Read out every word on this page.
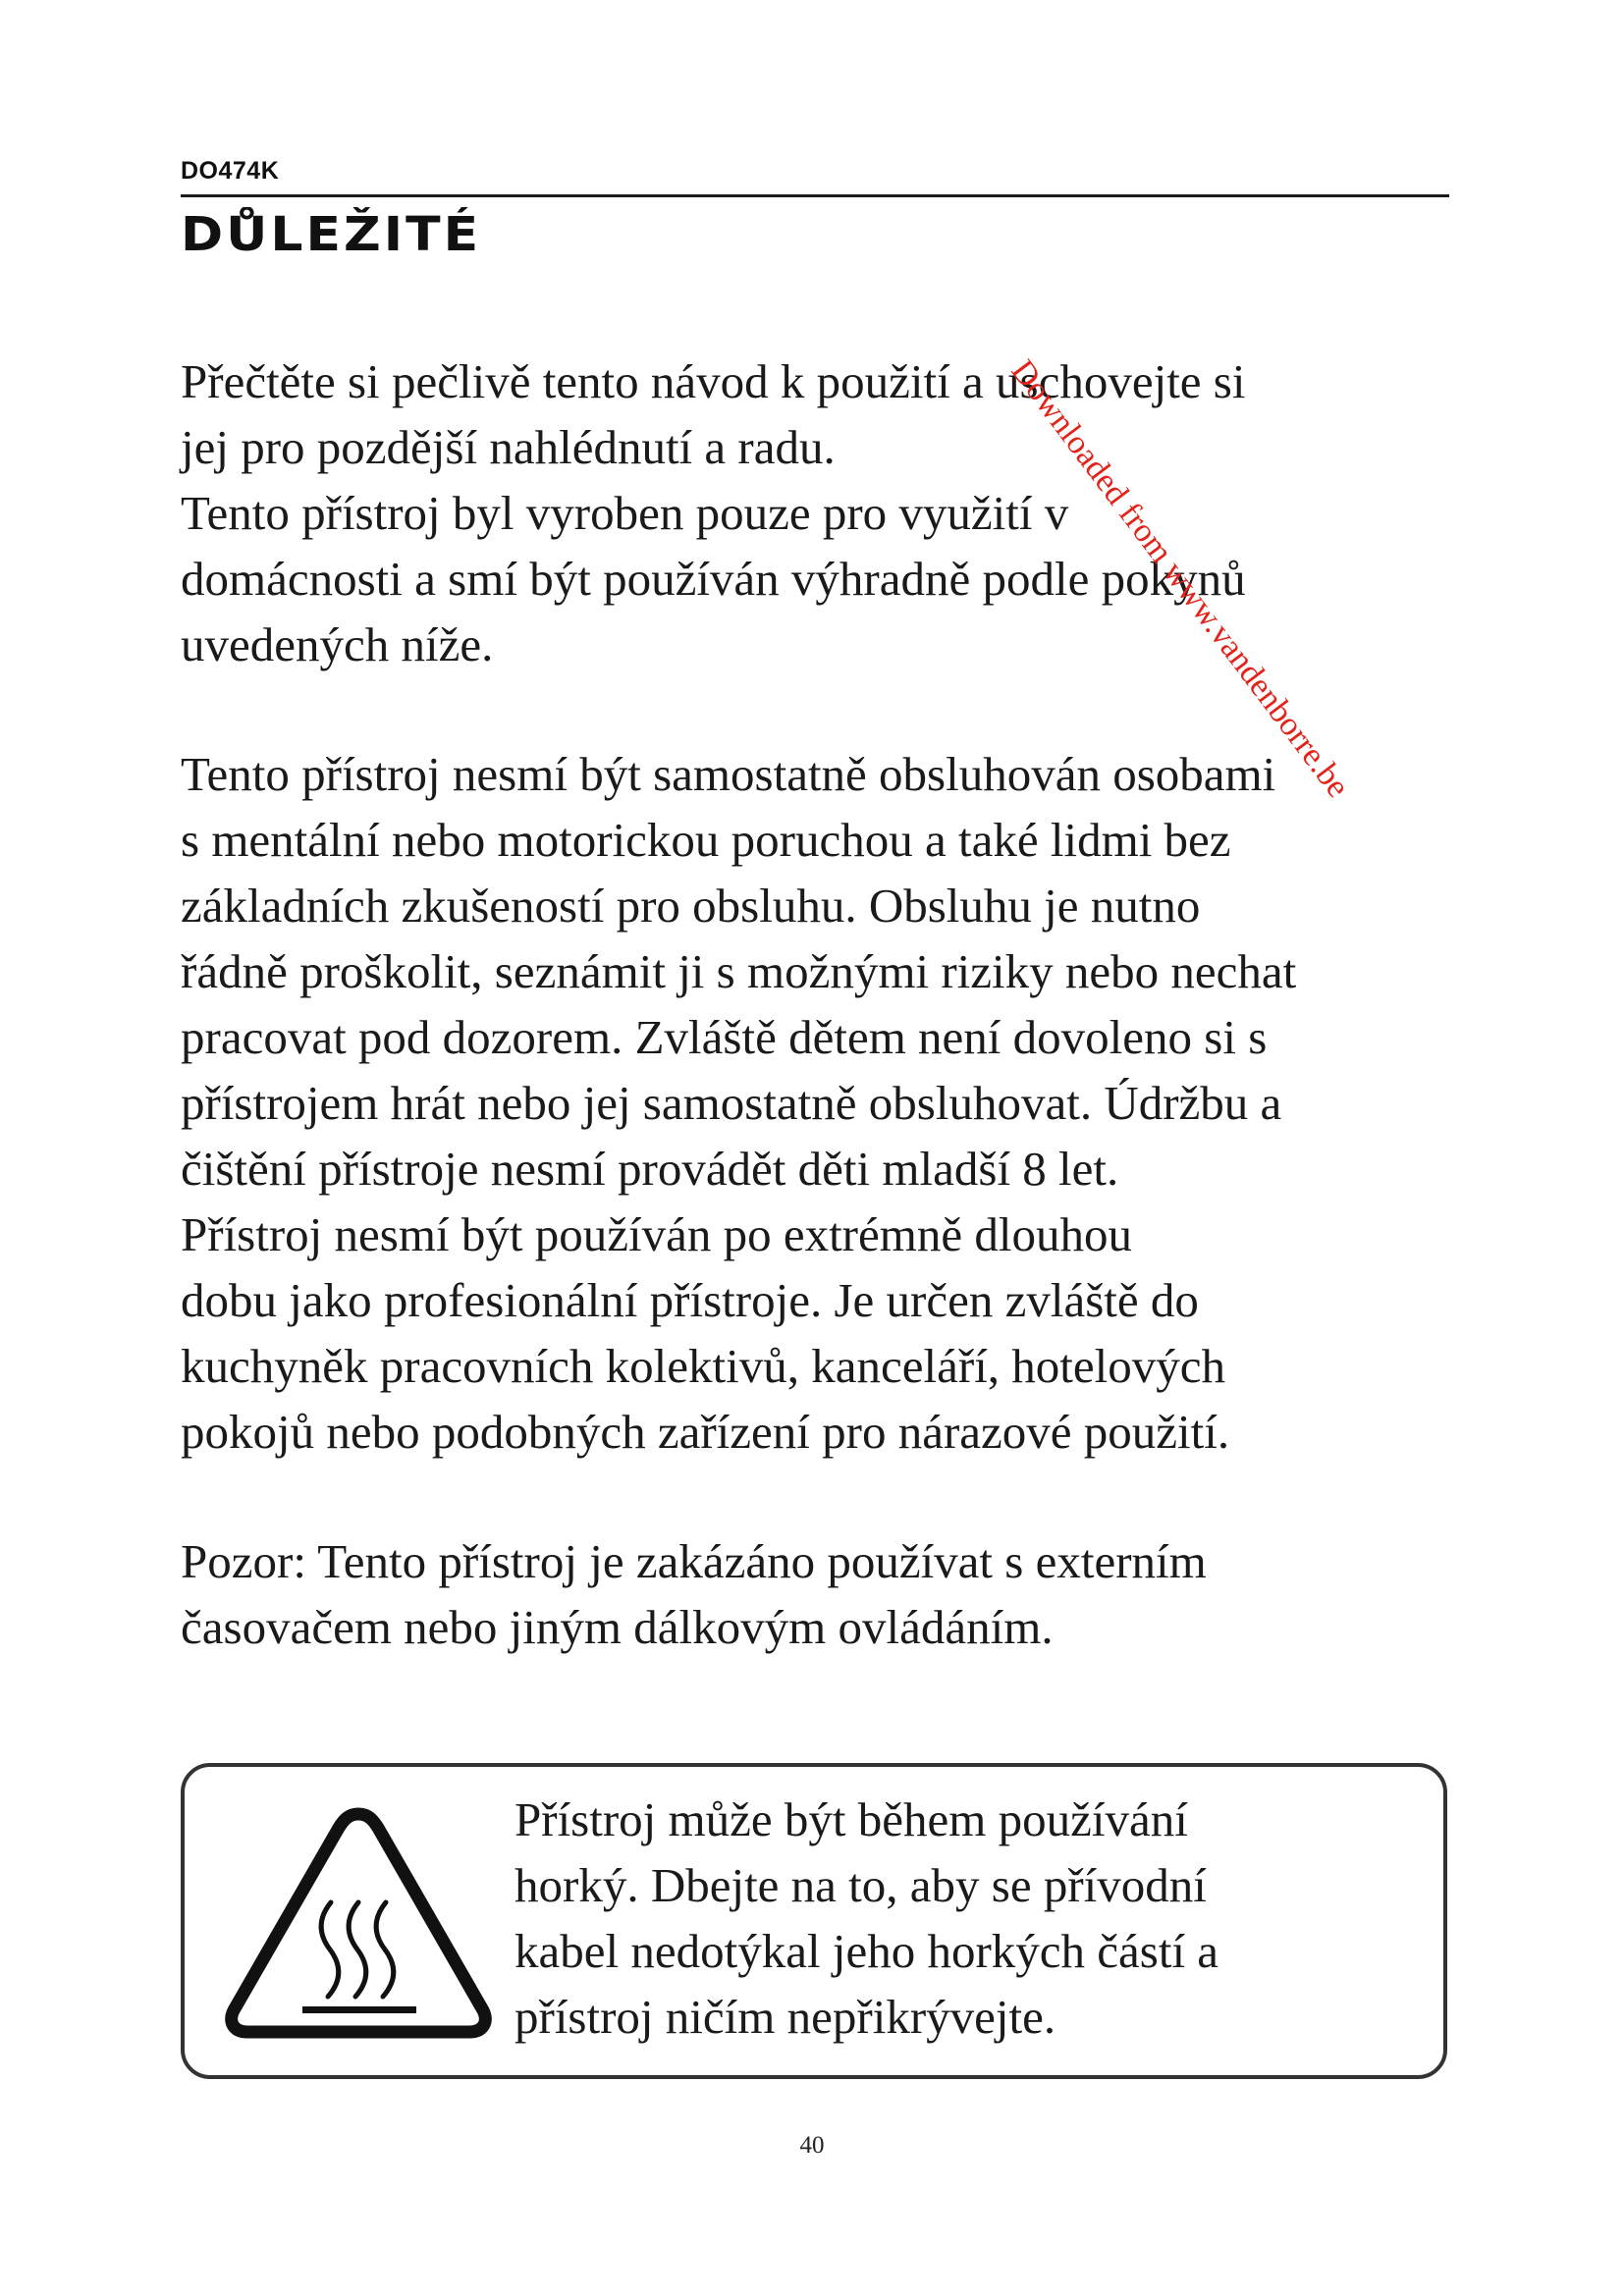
DO474K
DŮLEŽITÉ
Přečtěte si pečlivě tento návod k použití a uschovejte si
jej pro pozdější nahlédnutí a radu.
Tento přístroj byl vyroben pouze pro využití v
domácnosti a smí být používán výhradně podle pokynů
uvedených níže.
Tento přístroj nesmí být samostatně obsluhován osobami
s mentální nebo motorickou poruchou a také lidmi bez
základních zkušeností pro obsluhu. Obsluhu je nutno
řádně proškolit, seznámit ji s možnými riziky nebo nechat
pracovat pod dozorem. Zvláště dětem není dovoleno si s
přístrojem hrát nebo jej samostatně obsluhovat. Údržbu a
čištění přístroje nesmí provádět děti mladší 8 let.
Přístroj nesmí být používán po extrémně dlouhou
dobu jako profesionální přístroje. Je určen zvláště do
kuchyněk pracovních kolektivů, kanceláří, hotelových
pokojů nebo podobných zařízení pro nárazové použití.
Pozor: Tento přístroj je zakázáno používat s externím
časovačem nebo jiným dálkovým ovládáním.
Přístroj může být během používání
horký. Dbejte na to, aby se přívodní
kabel nedotýkal jeho horkých částí a
přístroj ničím nepřikrývejte.
40
Downloaded from www.vandenborre.be
